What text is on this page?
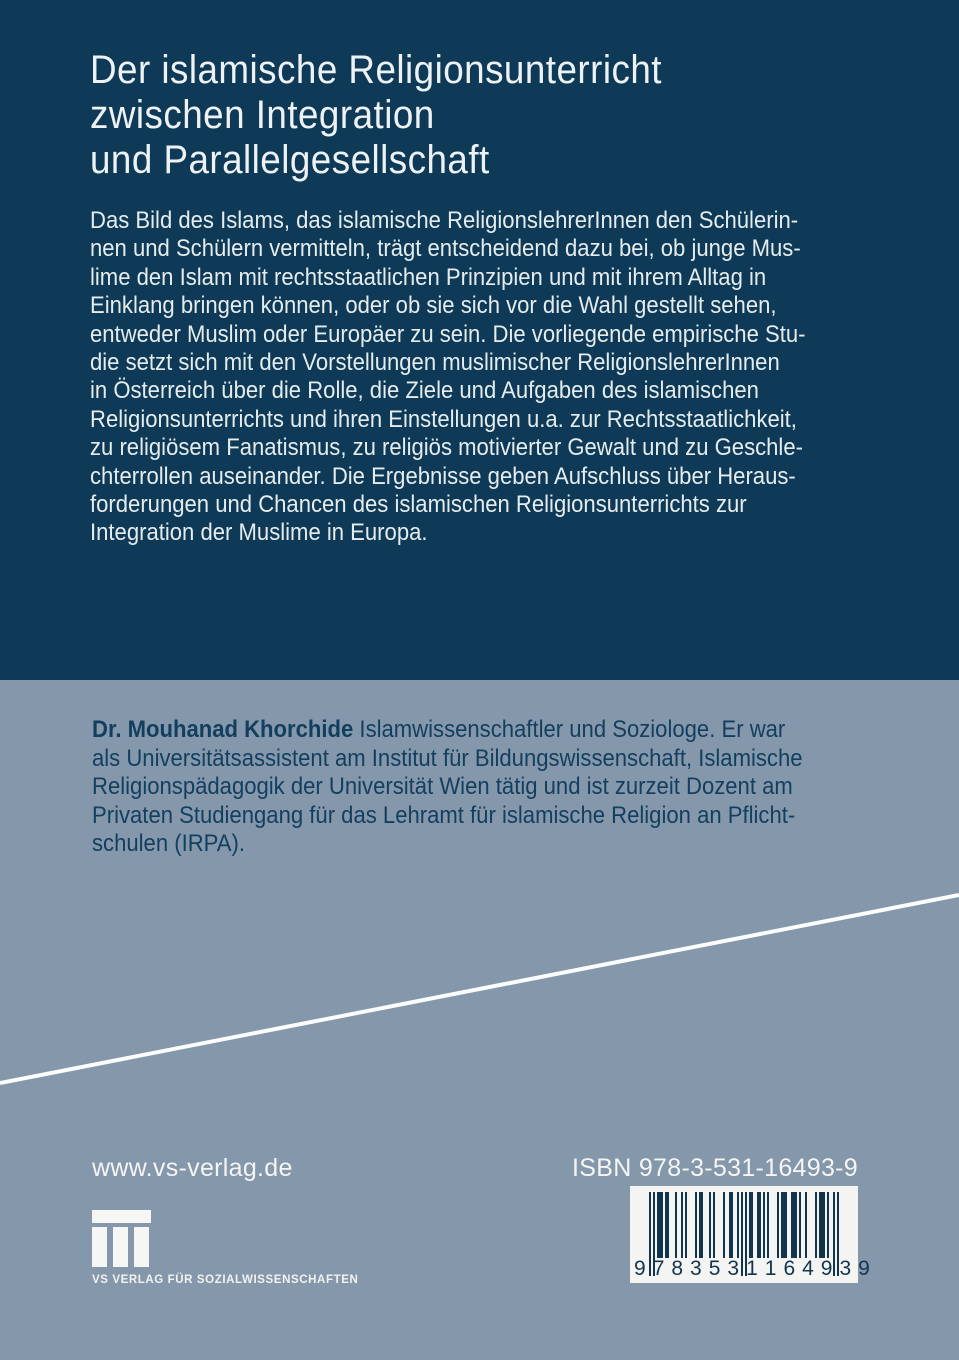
Der islamische Religionsunterricht
zwischen Integration
und Parallelgesellschaft
Das Bild des Islams, das islamische ReligionslehrerInnen den Schülerin-
nen und Schülern vermitteln, trägt entscheidend dazu bei, ob junge Mus-
lime den Islam mit rechtsstaatlichen Prinzipien und mit ihrem Alltag in
Einklang bringen können, oder ob sie sich vor die Wahl gestellt sehen,
entweder Muslim oder Europäer zu sein. Die vorliegende empirische Stu-
die setzt sich mit den Vorstellungen muslimischer ReligionslehrerInnen
in Österreich über die Rolle, die Ziele und Aufgaben des islamischen
Religionsunterrichts und ihren Einstellungen u.a. zur Rechtsstaatlichkeit,
zu religiösem Fanatismus, zu religiös motivierter Gewalt und zu Geschle-
chterrollen auseinander. Die Ergebnisse geben Aufschluss über Heraus-
forderungen und Chancen des islamischen Religionsunterrichts zur
Integration der Muslime in Europa.
Dr. Mouhanad Khorchide Islamwissenschaftler und Soziologe. Er war
als Universitätsassistent am Institut für Bildungswissenschaft, Islamische
Religionspädagogik der Universität Wien tätig und ist zurzeit Dozent am
Privaten Studiengang für das Lehramt für islamische Religion an Pflicht-
schulen (IRPA).
www.vs-verlag.de	ISBN 978-3-531-16493-9
VS VERLAG FÜR SOZIALWISSENSCHAFTEN	9 783531 164939
